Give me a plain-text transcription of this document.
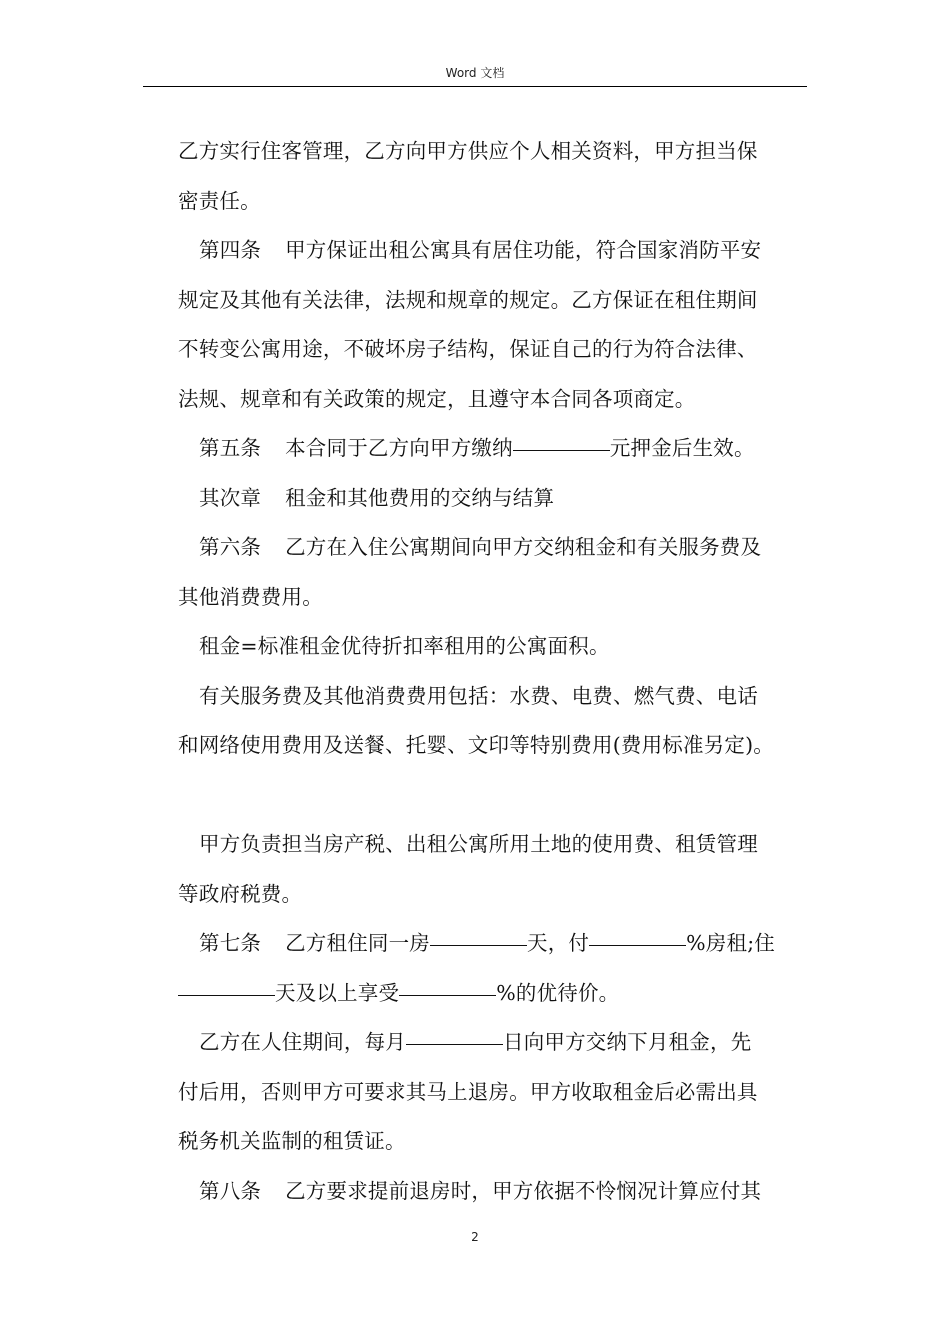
Word 文档

乙方实行住客管理，乙方向甲方供应个人相关资料，甲方担当保

密责任。

第四条 甲方保证出租公寓具有居住功能，符合国家消防平安

规定及其他有关法律，法规和规章的规定。乙方保证在租住期间

不转变公寓用途，不破坏房子结构，保证自己的行为符合法律、

法规、规章和有关政策的规定，且遵守本合同各项商定。

第五条 本合同于乙方向甲方缴纳	元押金后生效。

其次章 租金和其他费用的交纳与结算

第六条 乙方在入住公寓期间向甲方交纳租金和有关服务费及

其他消费费用。

租金=标准租金优待折扣率租用的公寓面积。

有关服务费及其他消费费用包括：水费、电费、燃气费、电话

和网络使用费用及送餐、托婴、文印等特别费用(费用标准另定)。

甲方负责担当房产税、出租公寓所用土地的使用费、租赁管理

等政府税费。

第七条 乙方租住同一房	天，付	%房租;住

天及以上享受	%的优待价。

乙方在人住期间，每月	日向甲方交纳下月租金，先

付后用，否则甲方可要求其马上退房。甲方收取租金后必需出具

税务机关监制的租赁证。

第八条 乙方要求提前退房时，甲方依据不怜悯况计算应付其

2
